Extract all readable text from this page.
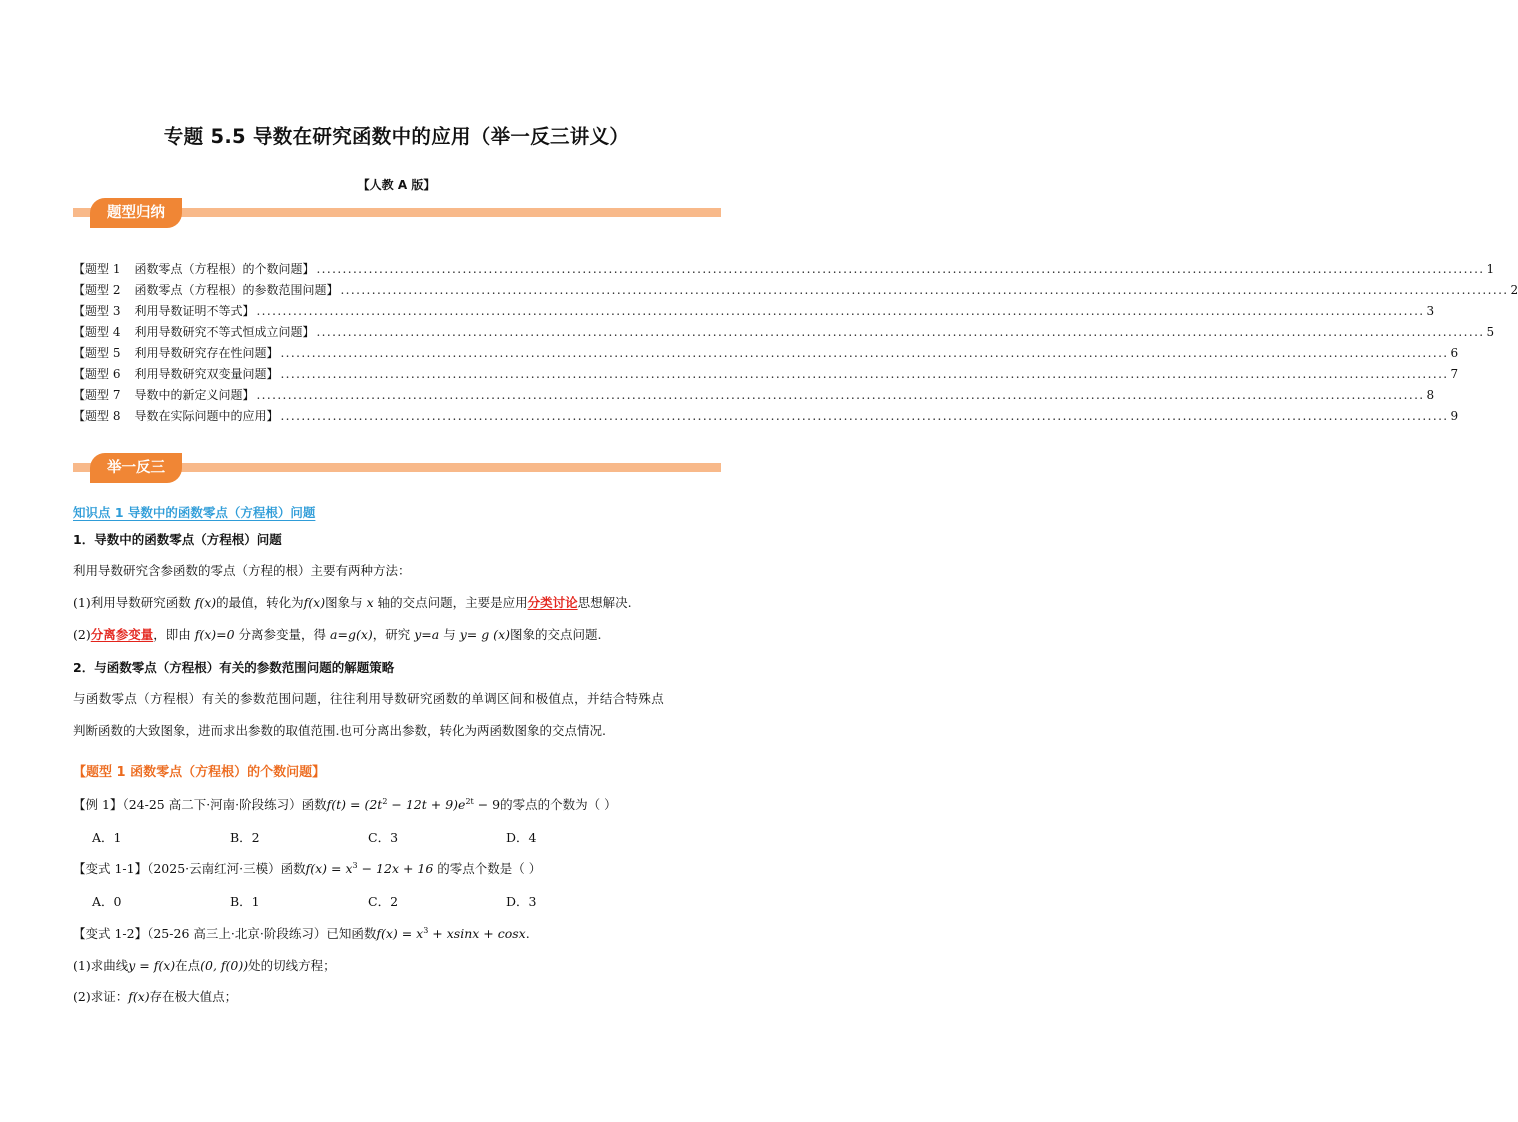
专题 5.5 导数在研究函数中的应用（举一反三讲义）
【人教 A 版】
题型归纳
【题型 1 函数零点（方程根）的个数问题】 ................................................................................................................................................................................................................................ 1
【题型 2 函数零点（方程根）的参数范围问题】 ................................................................................................................................................................................................................................ 2
【题型 3 利用导数证明不等式】 ................................................................................................................................................................................................................................ 3
【题型 4 利用导数研究不等式恒成立问题】 ................................................................................................................................................................................................................................ 5
【题型 5 利用导数研究存在性问题】 ................................................................................................................................................................................................................................ 6
【题型 6 利用导数研究双变量问题】 ................................................................................................................................................................................................................................ 7
【题型 7 导数中的新定义问题】 ................................................................................................................................................................................................................................ 8
【题型 8 导数在实际问题中的应用】 ................................................................................................................................................................................................................................ 9
举一反三
知识点 1 导数中的函数零点（方程根）问题
1．导数中的函数零点（方程根）问题
利用导数研究含参函数的零点（方程的根）主要有两种方法：
(1)利用导数研究函数 f(x)的最值，转化为f(x)图象与 x 轴的交点问题，主要是应用分类讨论思想解决.
(2)分离参变量，即由 f(x)=0 分离参变量，得 a=g(x)，研究 y=a 与 y= g (x)图象的交点问题.
2．与函数零点（方程根）有关的参数范围问题的解题策略
与函数零点（方程根）有关的参数范围问题，往往利用导数研究函数的单调区间和极值点，并结合特殊点
判断函数的大致图象，进而求出参数的取值范围.也可分离出参数，转化为两函数图象的交点情况.
【题型 1 函数零点（方程根）的个数问题】
【例 1】（24-25 高二下·河南·阶段练习）函数$f(t) = (2t^2 - 12t + 9)e^{2t} - 9$的零点的个数为（ ）
A．1	B．2	C．3	D．4
【变式 1-1】（2025·云南红河·三模）函数$f(x) = x^3 - 12x + 16$ 的零点个数是（ ）
A．0	B．1	C．2	D．3
【变式 1-2】（25-26 高三上·北京·阶段练习）已知函数$f(x) = x^3 + xsinx + \cos x$.
(1)求曲线y = f(x)在点(0, f(0))处的切线方程；
(2)求证：f(x)存在极大值点；
